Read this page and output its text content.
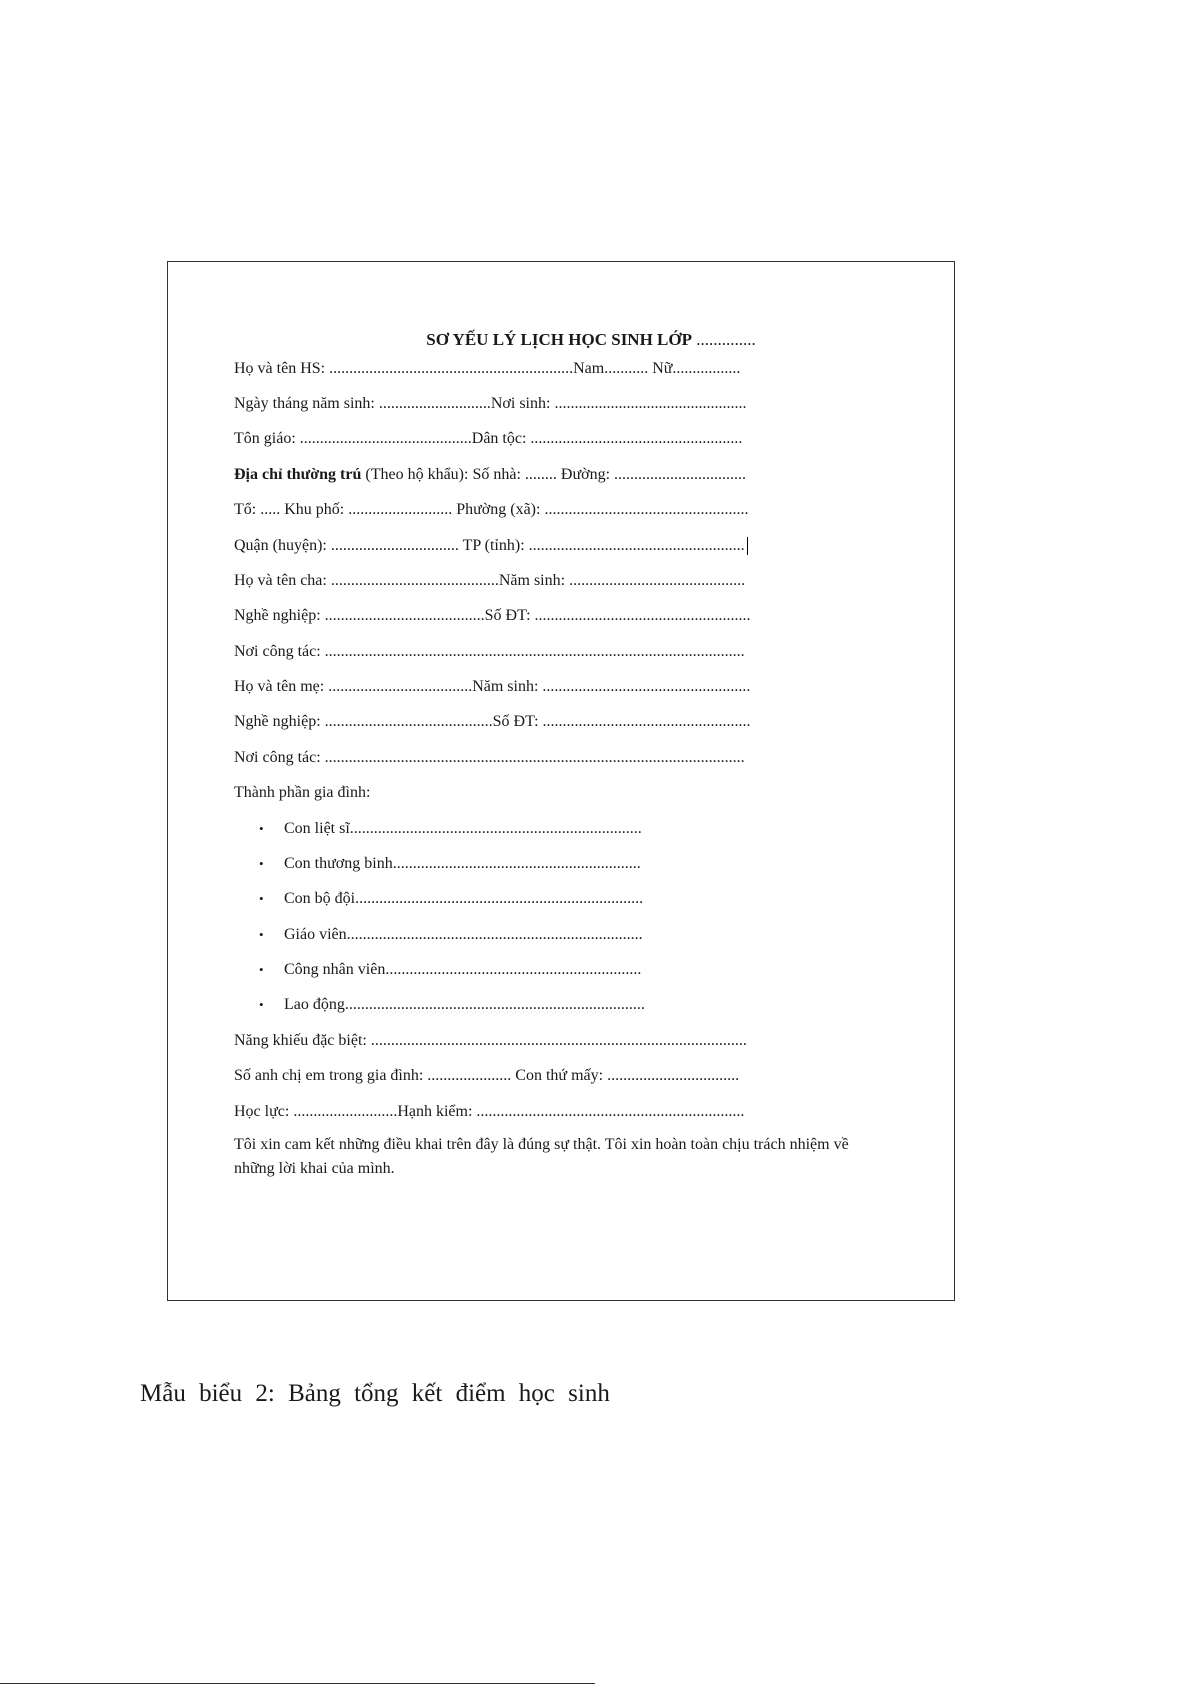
SƠ YẾU LÝ LỊCH HỌC SINH LỚP ..............
Họ và tên HS: .............................................................Nam........... Nữ.................
Ngày tháng năm sinh: ............................Nơi sinh: ................................................
Tôn giáo: ...........................................Dân tộc: .....................................................
Địa chỉ thường trú (Theo hộ khẩu): Số nhà: ........ Đường: .................................
Tổ: ..... Khu phố: .......................... Phường (xã): ...................................................
Quận (huyện): ................................ TP (tỉnh): ......................................................
Họ và tên cha: ..........................................Năm sinh: ............................................
Nghề nghiệp: ........................................Số ĐT: ......................................................
Nơi công tác: .........................................................................................................
Họ và tên mẹ: ....................................Năm sinh: ....................................................
Nghề nghiệp: ..........................................Số ĐT: ....................................................
Nơi công tác: .........................................................................................................
Thành phần gia đình:
• Con liệt sĩ.........................................................................
• Con thương binh..............................................................
• Con bộ đội........................................................................
• Giáo viên..........................................................................
• Công nhân viên................................................................
• Lao động...........................................................................
Năng khiếu đặc biệt: ..............................................................................................
Số anh chị em trong gia đình: ..................... Con thứ mấy: .................................
Học lực: ..........................Hạnh kiểm: ...................................................................
Tôi xin cam kết những điều khai trên đây là đúng sự thật. Tôi xin hoàn toàn chịu trách nhiệm về những lời khai của mình.
Mẫu biểu 2: Bảng tổng kết điểm học sinh
